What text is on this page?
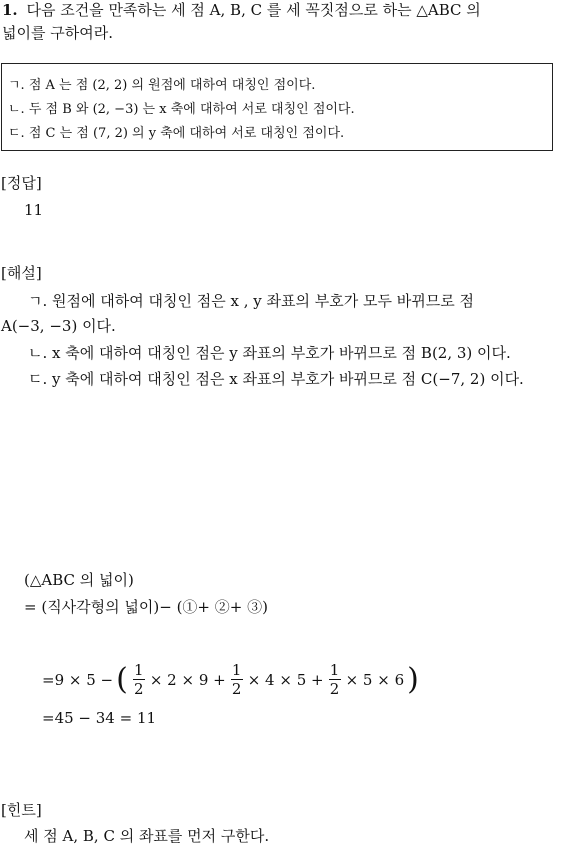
1. 다음 조건을 만족하는 세 점 A, B, C 를 세 꼭짓점으로 하는 △ABC 의
넓이를 구하여라.
ㄱ. 점 A 는 점 (2, 2) 의 원점에 대하여 대칭인 점이다.
ㄴ. 두 점 B 와 (2, −3) 는 x 축에 대하여 서로 대칭인 점이다.
ㄷ. 점 C 는 점 (7, 2) 의 y 축에 대하여 서로 대칭인 점이다.
[정답]
11
[해설]
ㄱ. 원점에 대하여 대칭인 점은 x , y 좌표의 부호가 모두 바뀌므로 점
A(−3, −3) 이다.
ㄴ. x 축에 대하여 대칭인 점은 y 좌표의 부호가 바뀌므로 점 B(2, 3) 이다.
ㄷ. y 축에 대하여 대칭인 점은 x 좌표의 부호가 바뀌므로 점 C(−7, 2) 이다.
(△ABC 의 넓이)
= (직사각형의 넓이)− (①+ ②+ ③)
=9 × 5 − ( $\frac{1}{2} \times 2 \times 9 + \frac{1}{2} \times 4 \times 5 + \frac{1}{2} \times 5 \times 6$ )
=45 − 34 = 11
[힌트]
세 점 A, B, C 의 좌표를 먼저 구한다.
